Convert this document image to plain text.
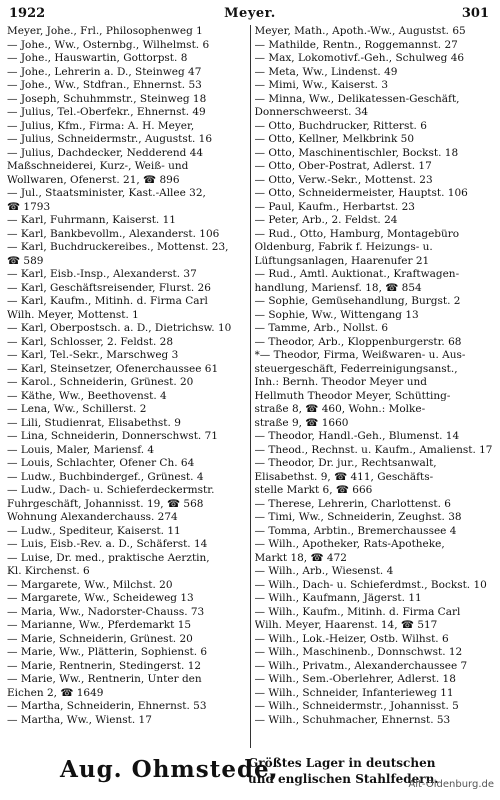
1922	Meyer.	301
Meyer, Johe., Frl., Philosophenweg 1
— Johe., Ww., Osternbg., Wilhelmst. 6
— Johe., Hauswartin, Gottorpst. 8
— Johe., Lehrerin a. D., Steinweg 47
— Johe., Ww., Stdfran., Ehnernst. 53
— Joseph, Schuhmmstr., Steinweg 18
— Julius, Tel.-Oberfekr., Ehnernst. 49
— Julius, Kfm., Firma: A. H. Meyer,
— Julius, Schneidermstr., Augustst. 16
— Julius, Dachdecker, Nedderend 44
Maßschneiderei, Kurz-, Weiß- und
Wollwaren, Ofenerst. 21, ☎ 896
— Jul., Staatsminister, Kast.-Allee 32,
☎ 1793
— Karl, Fuhrmann, Kaiserst. 11
— Karl, Bankbevollm., Alexanderst. 106
— Karl, Buchdruckereibes., Mottenst. 23,
☎ 589
— Karl, Eisb.-Insp., Alexanderst. 37
— Karl, Geschäftsreisender, Flurst. 26
— Karl, Kaufm., Mitinh. d. Firma Carl
Wilh. Meyer, Mottenst. 1
— Karl, Oberpostsch. a. D., Dietrichsw. 10
— Karl, Schlosser, 2. Feldst. 28
— Karl, Tel.-Sekr., Marschweg 3
— Karl, Steinsetzer, Ofenerchaussee 61
— Karol., Schneiderin, Grünest. 20
— Käthe, Ww., Beethovenst. 4
— Lena, Ww., Schillerst. 2
— Lili, Studienrat, Elisabethst. 9
— Lina, Schneiderin, Donnerschwst. 71
— Louis, Maler, Mariensf. 4
— Louis, Schlachter, Ofener Ch. 64
— Ludw., Buchbindergef., Grünest. 4
— Ludw., Dach- u. Schieferdeckermstr.
Fuhrgeschäft, Johannisst. 19, ☎ 568
Wohnung Alexanderchauss. 274
— Ludw., Spediteur, Kaiserst. 11
— Luis, Eisb.-Rev. a. D., Schäferst. 14
— Luise, Dr. med., praktische Aerztin,
Kl. Kirchenst. 6
— Margarete, Ww., Milchst. 20
— Margarete, Ww., Scheideweg 13
— Maria, Ww., Nadorster-Chauss. 73
— Marianne, Ww., Pferdemarkt 15
— Marie, Schneiderin, Grünest. 20
— Marie, Ww., Plätterin, Sophienst. 6
— Marie, Rentnerin, Stedingerst. 12
— Marie, Ww., Rentnerin, Unter den
Eichen 2, ☎ 1649
— Martha, Schneiderin, Ehnernst. 53
— Martha, Ww., Wienst. 17
Meyer, Math., Apoth.-Ww., Augustst. 65
— Mathilde, Rentn., Roggemannst. 27
— Max, Lokomotivf.-Geh., Schulweg 46
— Meta, Ww., Lindenst. 49
— Mimi, Ww., Kaiserst. 3
— Minna, Ww., Delikatessen-Geschäft,
Donnerschweerst. 34
— Otto, Buchdrucker, Ritterst. 6
— Otto, Kellner, Melkbrink 50
— Otto, Maschinentischler, Bockst. 18
— Otto, Ober-Postrat, Adlerst. 17
— Otto, Verw.-Sekr., Mottenst. 23
— Otto, Schneidermeister, Hauptst. 106
— Paul, Kaufm., Herbartst. 23
— Peter, Arb., 2. Feldst. 24
— Rud., Otto, Hamburg, Montagebüro
Oldenburg, Fabrik f. Heizungs- u.
Lüftungsanlagen, Haarenufer 21
— Rud., Amtl. Auktionat., Kraftwagen-
handlung, Mariensf. 18, ☎ 854
— Sophie, Gemüsehandlung, Burgst. 2
— Sophie, Ww., Wittengang 13
— Tamme, Arb., Nollst. 6
— Theodor, Arb., Kloppenburgerstr. 68
*— Theodor, Firma, Weißwaren- u. Aus-
steuergeschäft, Federreinigungsanst.,
Inh.: Bernh. Theodor Meyer und
Hellmuth Theodor Meyer, Schütting-
straße 8, ☎ 460, Wohn.: Molke-
straße 9, ☎ 1660
— Theodor, Handl.-Geh., Blumenst. 14
— Theod., Rechnst. u. Kaufm., Amalienst. 17
— Theodor, Dr. jur., Rechtsanwalt,
Elisabethst. 9, ☎ 411, Geschäfts-
stelle Markt 6, ☎ 666
— Therese, Lehrerin, Charlottenst. 6
— Timi, Ww., Schneiderin, Zeughst. 38
— Tomma, Arbtin., Bremerchaussee 4
— Wilh., Apotheker, Rats-Apotheke,
Markt 18, ☎ 472
— Wilh., Arb., Wiesenst. 4
— Wilh., Dach- u. Schieferdmst., Bockst. 10
— Wilh., Kaufmann, Jägerst. 11
— Wilh., Kaufm., Mitinh. d. Firma Carl
Wilh. Meyer, Haarenst. 14, ☎ 517
— Wilh., Lok.-Heizer, Ostb. Wilhst. 6
— Wilh., Maschinenb., Donnschwst. 12
— Wilh., Privatm., Alexanderchaussee 7
— Wilh., Sem.-Oberlehrer, Adlerst. 18
— Wilh., Schneider, Infanterieweg 11
— Wilh., Schneidermstr., Johannisst. 5
— Wilh., Schuhmacher, Ehnernst. 53
Aug. Ohmstede,
Größtes Lager in deutschen
und englischen Stahlfedern.
Alt-Oldenburg.de
